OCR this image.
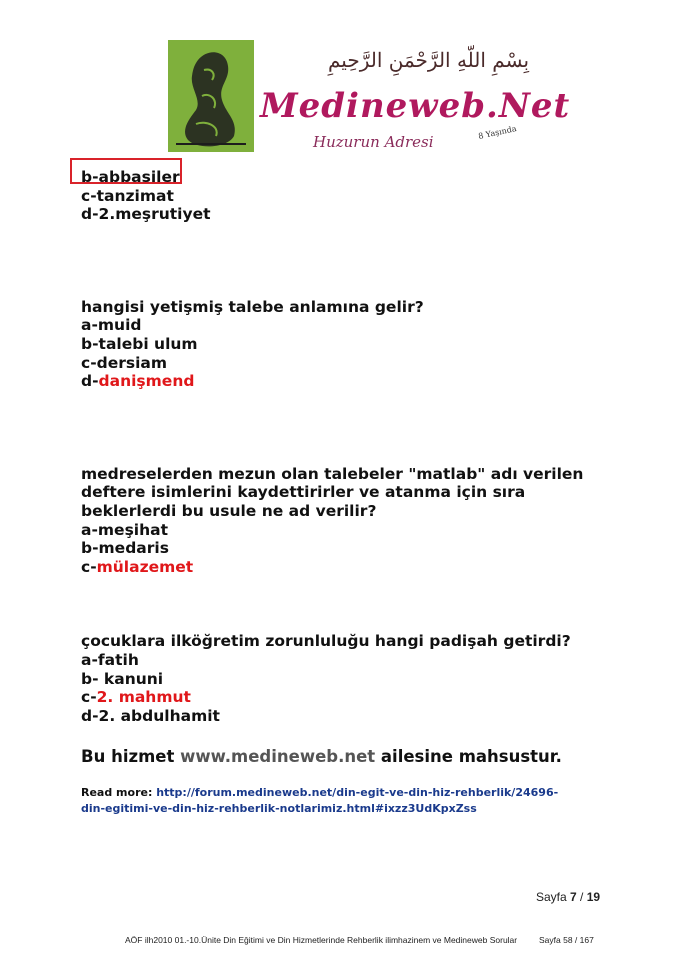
بِسْمِ اللّهِ الرَّحْمَنِ الرَّحِيمِ
Medineweb.Net
Huzurun Adresi
8 Yaşında
b-abbasiler
c-tanzimat
d-2.meşrutiyet
hangisi yetişmiş talebe anlamına gelir?
a-muid
b-talebi ulum
c-dersiam
d-danişmend
medreselerden mezun olan talebeler "matlab" adı verilen
deftere isimlerini kaydettirirler ve atanma için sıra
beklerlerdi bu usule ne ad verilir?
a-meşihat
b-medaris
c-mülazemet
çocuklara ilköğretim zorunluluğu hangi padişah getirdi?
a-fatih
b- kanuni
c-2. mahmut
d-2. abdulhamit
Bu hizmet www.medineweb.net ailesine mahsustur.
Read more: http://forum.medineweb.net/din-egit-ve-din-hiz-rehberlik/24696-
din-egitimi-ve-din-hiz-rehberlik-notlarimiz.html#ixzz3UdKpxZss
Sayfa 7 / 19
AÖF ilh2010 01.-10.Ünite Din Eğitimi ve Din Hizmetlerinde Rehberlik ilimhazinem ve Medineweb Sorular	Sayfa 58 / 167
